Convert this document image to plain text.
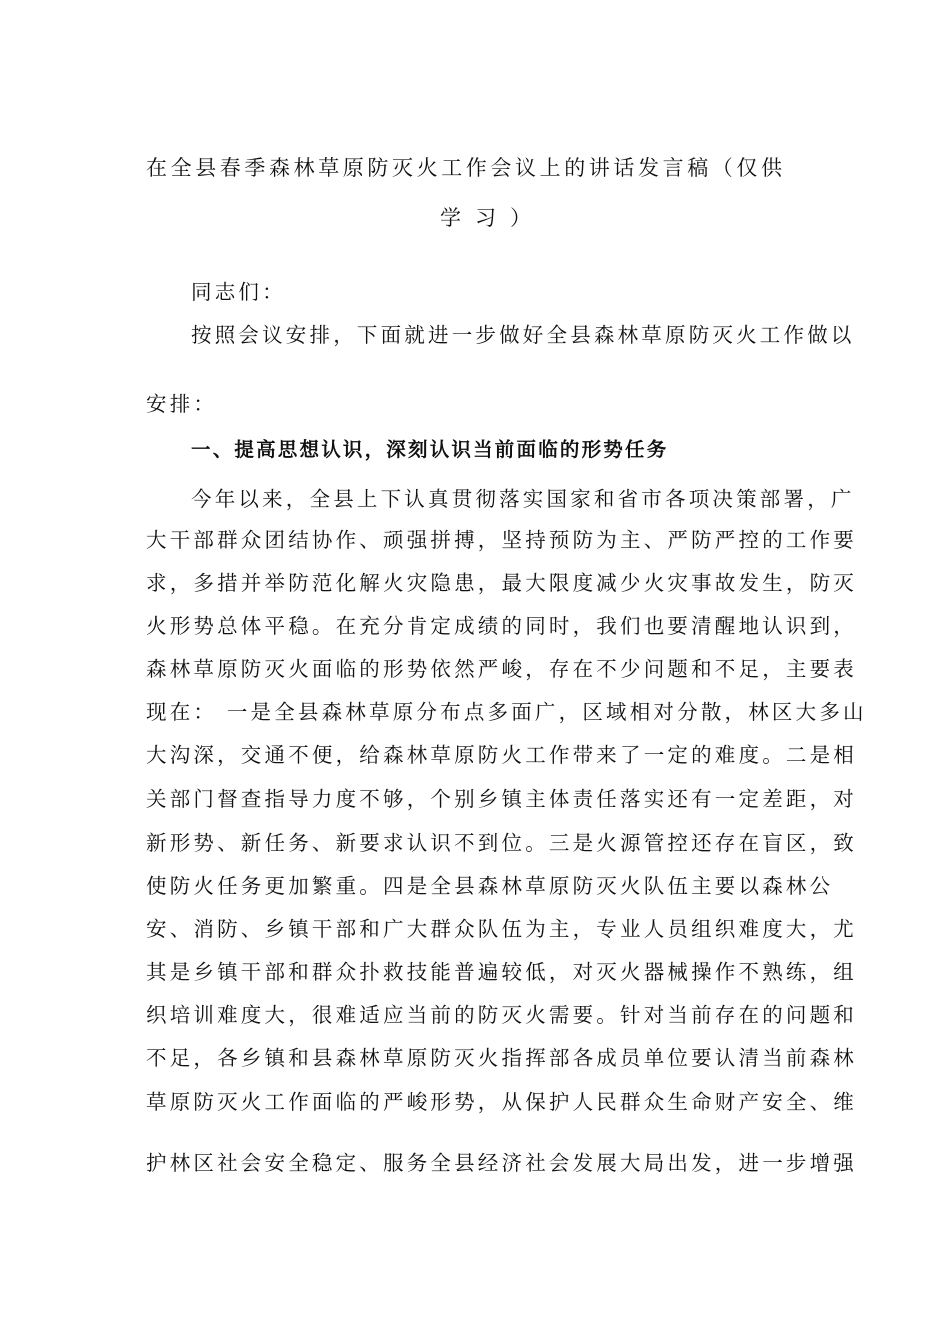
在全县春季森林草原防灭火工作会议上的讲话发言稿（仅供
学习）
同志们：
按照会议安排，下面就进一步做好全县森林草原防灭火工作做以
安排：
一、提高思想认识，深刻认识当前面临的形势任务
今年以来，全县上下认真贯彻落实国家和省市各项决策部署，广
大干部群众团结协作、顽强拼搏，坚持预防为主、严防严控的工作要
求，多措并举防范化解火灾隐患，最大限度减少火灾事故发生，防灭
火形势总体平稳。在充分肯定成绩的同时，我们也要清醒地认识到，
森林草原防灭火面临的形势依然严峻，存在不少问题和不足，主要表
现在： 一是全县森林草原分布点多面广，区域相对分散，林区大多山
大沟深，交通不便，给森林草原防火工作带来了一定的难度。二是相
关部门督查指导力度不够，个别乡镇主体责任落实还有一定差距，对
新形势、新任务、新要求认识不到位。三是火源管控还存在盲区，致
使防火任务更加繁重。四是全县森林草原防灭火队伍主要以森林公
安、消防、乡镇干部和广大群众队伍为主，专业人员组织难度大，尤
其是乡镇干部和群众扑救技能普遍较低，对灭火器械操作不熟练，组
织培训难度大，很难适应当前的防灭火需要。针对当前存在的问题和
不足，各乡镇和县森林草原防灭火指挥部各成员单位要认清当前森林
草原防灭火工作面临的严峻形势，从保护人民群众生命财产安全、维
护林区社会安全稳定、服务全县经济社会发展大局出发，进一步增强
